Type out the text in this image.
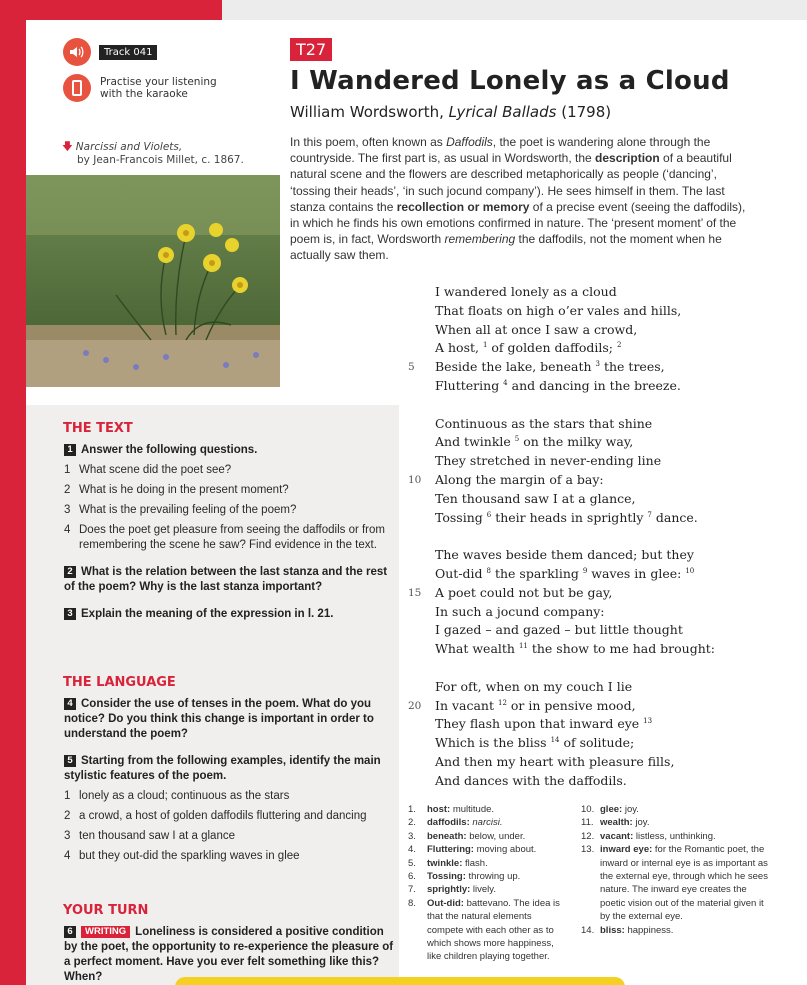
Track 041
Practise your listening with the karaoke
🡇 Narcissi and Violets,
by Jean-Francois Millet, c. 1867.
T27
I Wandered Lonely as a Cloud
William Wordsworth, Lyrical Ballads (1798)
In this poem, often known as Daffodils, the poet is wandering alone through the countryside. The first part is, as usual in Wordsworth, the description of a beautiful natural scene and the flowers are described metaphorically as people (‘dancing’, ‘tossing their heads’, ‘in such jocund company’). He sees himself in them. The last stanza contains the recollection or memory of a precise event (seeing the daffodils), in which he finds his own emotions confirmed in nature. The ‘present moment’ of the poem is, in fact, Wordsworth remembering the daffodils, not the moment when he actually saw them.
I wandered lonely as a cloud
That floats on high o’er vales and hills,
When all at once I saw a crowd,
A host, $^1$ of golden daffodils; $^2$
5	Beside the lake, beneath $^3$ the trees,
Fluttering $^4$ and dancing in the breeze.
Continuous as the stars that shine
And twinkle $^5$ on the milky way,
They stretched in never-ending line
10	Along the margin of a bay:
Ten thousand saw I at a glance,
Tossing $^6$ their heads in sprightly $^7$ dance.
The waves beside them danced; but they
Out-did $^8$ the sparkling $^9$ waves in glee: $^{10}$
15	A poet could not but be gay,
In such a jocund company:
I gazed – and gazed – but little thought
What wealth $^{11}$ the show to me had brought:
For oft, when on my couch I lie
20	In vacant $^{12}$ or in pensive mood,
They flash upon that inward eye $^{13}$
Which is the bliss $^{14}$ of solitude;
And then my heart with pleasure fills,
And dances with the daffodils.
THE TEXT
1 Answer the following questions.
1 What scene did the poet see?
2 What is he doing in the present moment?
3 What is the prevailing feeling of the poem?
4 Does the poet get pleasure from seeing the daffodils or from remembering the scene he saw? Find evidence in the text.
2 What is the relation between the last stanza and the rest of the poem? Why is the last stanza important?
3 Explain the meaning of the expression in l. 21.
THE LANGUAGE
4 Consider the use of tenses in the poem. What do you notice? Do you think this change is important in order to understand the poem?
5 Starting from the following examples, identify the main stylistic features of the poem.
1 lonely as a cloud; continuous as the stars
2 a crowd, a host of golden daffodils fluttering and dancing
3 ten thousand saw I at a glance
4 but they out-did the sparkling waves in glee
YOUR TURN
6 WRITING Loneliness is considered a positive condition by the poet, the opportunity to re-experience the pleasure of a perfect moment. Have you ever felt something like this? When?
1.	host: multitude.
2.	daffodils: narcisi.
3.	beneath: below, under.
4.	Fluttering: moving about.
5.	twinkle: flash.
6.	Tossing: throwing up.
7.	sprightly: lively.
8.	Out-did: battevano. The idea is that the natural elements compete with each other as to which shows more happiness, like children playing together.
10. glee: joy.
11. wealth: joy.
12. vacant: listless, unthinking.
13. inward eye: for the Romantic poet, the inward or internal eye is as important as the external eye, through which he sees nature. The inward eye creates the poetic vision out of the material given it by the external eye.
14. bliss: happiness.
